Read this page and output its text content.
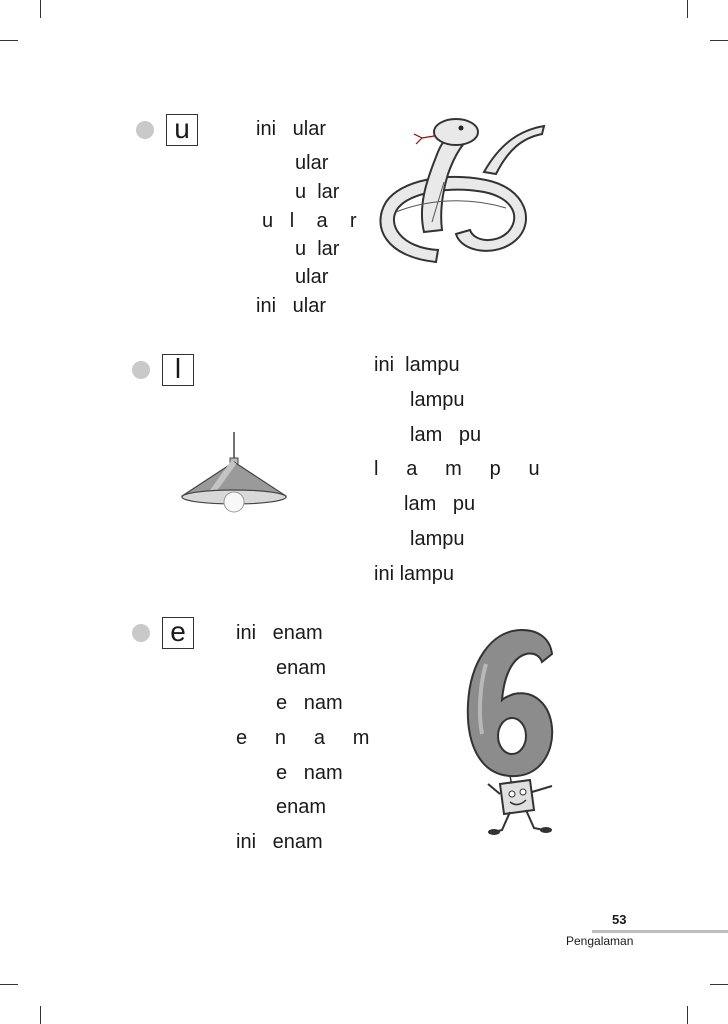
u	ini   ular
ular
u  lar
u   l    a    r
u  lar
ular
ini   ular
l	ini  lampu
lampu
lam   pu
l     a     m     p     u
lam   pu
lampu
ini lampu
e	ini   enam
enam
e   nam
e     n     a     m
e   nam
enam
ini   enam
53
Pengalaman
